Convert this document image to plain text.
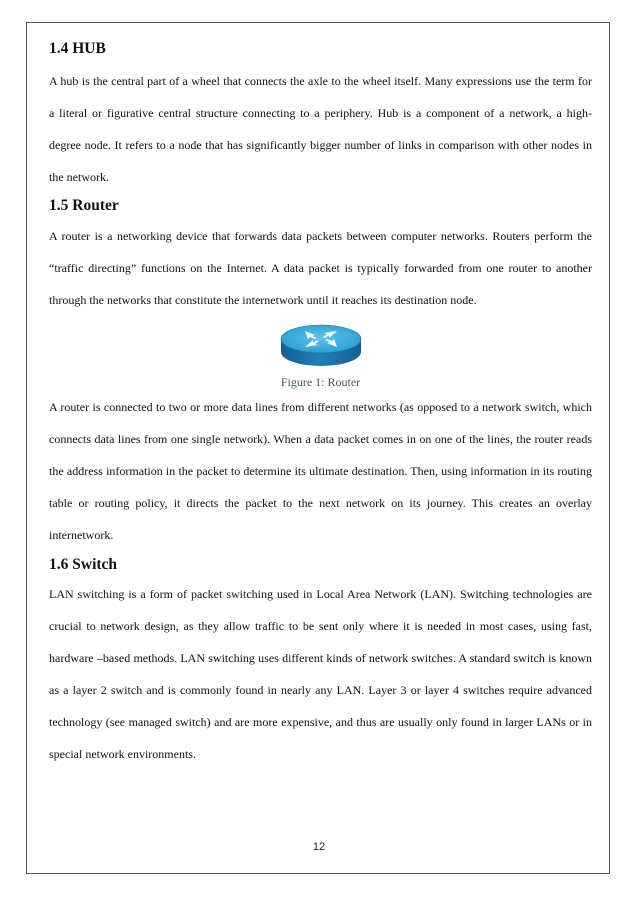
1.4 HUB

A hub is the central part of a wheel that connects the axle to the wheel itself. Many expressions use the term for a literal or figurative central structure connecting to a periphery. Hub is a component of a network, a high- degree node. It refers to a node that has significantly bigger number of links in comparison with other nodes in the network.

1.5 Router

A router is a networking device that forwards data packets between computer networks. Routers perform the “traffic directing” functions on the Internet. A data packet is typically forwarded from one router to another through the networks that constitute the internetwork until it reaches its destination node.

Figure 1: Router

A router is connected to two or more data lines from different networks (as opposed to a network switch, which connects data lines from one single network). When a data packet comes in on one of the lines, the router reads the address information in the packet to determine its ultimate destination. Then, using information in its routing table or routing policy, it directs the packet to the next network on its journey. This creates an overlay internetwork.

1.6 Switch

LAN switching is a form of packet switching used in Local Area Network (LAN). Switching technologies are crucial to network design, as they allow traffic to be sent only where it is needed in most cases, using fast, hardware –based methods. LAN switching uses different kinds of network switches. A standard switch is known as a layer 2 switch and is commonly found in nearly any LAN. Layer 3 or layer 4 switches require advanced technology (see managed switch) and are more expensive, and thus are usually only found in larger LANs or in special network environments.

12
